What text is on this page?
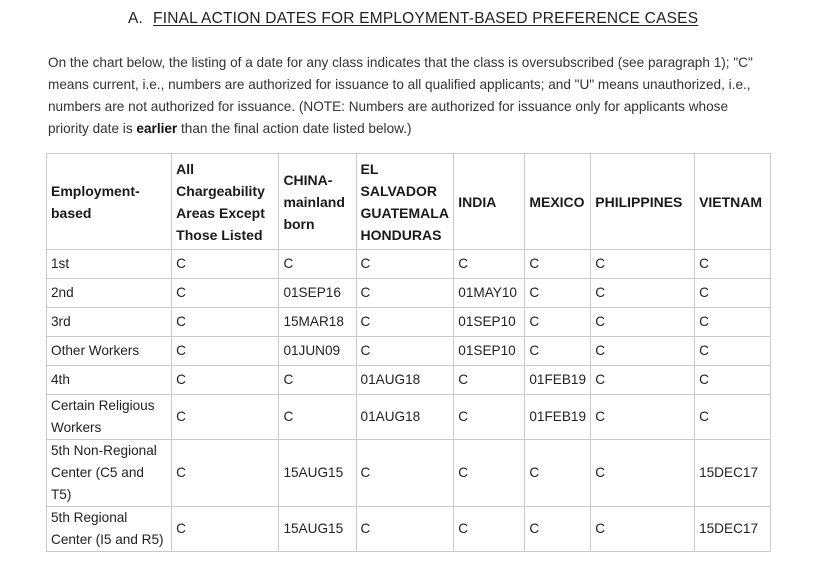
A. FINAL ACTION DATES FOR EMPLOYMENT-BASED PREFERENCE CASES

On the chart below, the listing of a date for any class indicates that the class is oversubscribed (see paragraph 1); "C" means current, i.e., numbers are authorized for issuance to all qualified applicants; and "U" means unauthorized, i.e., numbers are not authorized for issuance. (NOTE: Numbers are authorized for issuance only for applicants whose priority date is earlier than the final action date listed below.)

Employment-based	All Chargeability Areas Except Those Listed	CHINA-mainland born	EL SALVADOR GUATEMALA HONDURAS	INDIA	MEXICO	PHILIPPINES	VIETNAM
1st	C	C	C	C	C	C	C
2nd	C	01SEP16	C	01MAY10	C	C	C
3rd	C	15MAR18	C	01SEP10	C	C	C
Other Workers	C	01JUN09	C	01SEP10	C	C	C
4th	C	C	01AUG18	C	01FEB19	C	C
Certain Religious Workers	C	C	01AUG18	C	01FEB19	C	C
5th Non-Regional Center (C5 and T5)	C	15AUG15	C	C	C	C	15DEC17
5th Regional Center (I5 and R5)	C	15AUG15	C	C	C	C	15DEC17
